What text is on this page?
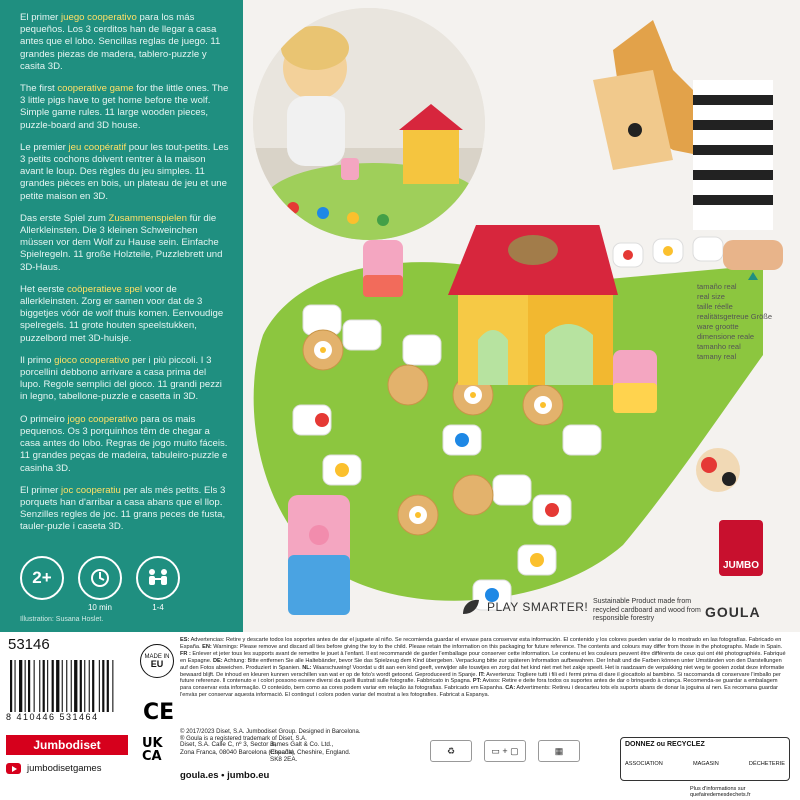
El primer juego cooperativo para los más pequeños. Los 3 cerditos han de llegar a casa antes que el lobo. Sencillas reglas de juego. 11 grandes piezas de madera, tablero-puzzle y casita 3D.

The first cooperative game for the little ones. The 3 little pigs have to get home before the wolf. Simple game rules. 11 large wooden pieces, puzzle-board and 3D house.

Le premier jeu coopératif pour les tout-petits. Les 3 petits cochons doivent rentrer à la maison avant le loup. Des règles du jeu simples. 11 grandes pièces en bois, un plateau de jeu et une petite maison en 3D.

Das erste Spiel zum Zusammenspielen für die Allerkleinsten. Die 3 kleinen Schweinchen müssen vor dem Wolf zu Hause sein. Einfache Spielregeln. 11 große Holzteile, Puzzlebrett und 3D-Haus.

Het eerste coöperatieve spel voor de allerkleinsten. Zorg er samen voor dat de 3 biggetjes vóór de wolf thuis komen. Eenvoudige spelregels. 11 grote houten speelstukken, puzzelbord met 3D-huisje.

Il primo gioco cooperativo per i più piccoli. I 3 porcellini debbono arrivare a casa prima del lupo. Regole semplici del gioco. 11 grandi pezzi in legno, tabellone-puzzle e casetta in 3D.

O primeiro jogo cooperativo para os mais pequenos. Os 3 porquinhos têm de chegar a casa antes do lobo. Regras de jogo muito fáceis. 11 grandes peças de madeira, tabuleiro-puzzle e casinha 3D.

El primer joc cooperatiu per als més petits. Els 3 porquets han d'arribar a casa abans que el llop. Senzilles regles de joc. 11 grans peces de fusta, tauler-puzle i caseta 3D.

2+
10 min	1-4
Illustration: Susana Hoslet.
tamaño real
real size
taille réelle
realitätsgetreue Größe
ware grootte
dimensione reale
tamanho real
tamany real
PLAY SMARTER! Sustainable Product made from recycled cardboard and wood from responsible forestry
JUMBO
GOULA
53146
8 410446 531464
Jumbodiset
jumbodisetgames
MADE IN
EU
CE
UK CA
ES: Advertencias: Retire y descarte todos los soportes antes de dar el juguete al niño. Se recomienda guardar el envase para conservar esta información. El contenido y los colores pueden variar de lo mostrado en las fotografías. Fabricado en España. EN: Warnings: Please remove and discard all ties before giving the toy to the child. Please retain the information on this packaging for future reference. The contents and colours may differ from those in the photographs. Made in Spain. FR : Enlever et jeter tous les supports avant de remettre le jouet à l'enfant. Il est recommandé de garder l'emballage pour conserver cette information. Le contenu et les couleurs peuvent être différents de ceux qui ont été photographiés. Fabriqué en Espagne. DE: Achtung: Bitte entfernen Sie alle Haltebänder, bevor Sie das Spielzeug dem Kind übergeben. Verpackung bitte zur späteren Information aufbewahren. Der Inhalt und die Farben können unter Umständen von den Darstellungen auf den Fotos abweichen. Produziert in Spanien. NL: Waarschuwing! Voordat u dit aan een kind geeft, verwijder alle touwtjes en zorg dat het kind niet met het zakje speelt. Het is raadzaam de verpakking niet weg te gooien zodat deze informatie bewaard blijft. De inhoud en kleuren kunnen verschillen van wat er op de foto's wordt getoond. Geproduceerd in Spanje. IT: Avvertenza: Togliere tutti i fili ed i fermi prima di dare il giocattolo al bambino. Si raccomanda di conservare l'imballo per future referenze. Il contenuto e i colori possono essere diversi da quelli illustrati sulle fotografie. Fabbricato in Spagna. PT: Avisos: Retire e deite fora todos os suportes antes de dar o brinquedo à criança. Recomenda-se guardar a embalagem para conservar esta informação. O conteúdo, bem como as cores podem variar em relação às fotografias. Fabricado em Espanha. CA: Advertiments: Retireu i descarteu tots els suports abans de donar la joguina al nen. Es recomana guardar l'envàs per conservar aquesta informació. El contingut i colors poden variar del mostrat a les fotografies. Fabricat a Espanya.
© 2017/2023 Diset, S.A. Jumbodiset Group. Designed in Barcelona.
® Goula is a registered trademark of Diset, S.A.
Diset, S.A. Calle C, nº 3, Sector B,
Zona Franca, 08040 Barcelona (España)
James Galt & Co. Ltd.,
Cheadle, Cheshire, England.
SK8 2EA.
goula.es • jumbo.eu
♻	▭ + ▢	▦
DONNEZ ou RECYCLEZ
ASSOCIATION	MAGASIN	DÉCHETERIE
Plus d'informations sur quefairedemesdechets.fr
